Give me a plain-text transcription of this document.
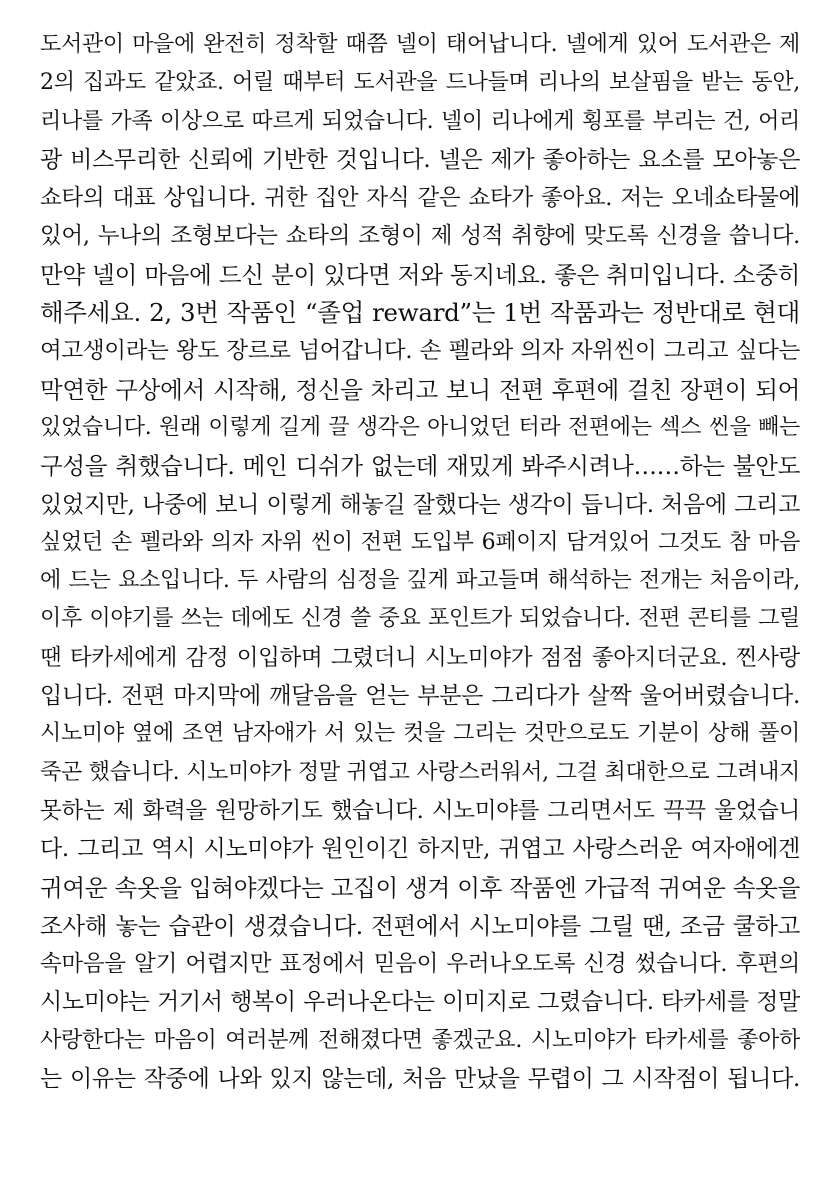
도서관이 마을에 완전히 정착할 때쯤 넬이 태어납니다. 넬에게 있어 도서관은 제
2의 집과도 같았죠. 어릴 때부터 도서관을 드나들며 리나의 보살핌을 받는 동안,
리나를 가족 이상으로 따르게 되었습니다. 넬이 리나에게 횡포를 부리는 건, 어리
광 비스무리한 신뢰에 기반한 것입니다. 넬은 제가 좋아하는 요소를 모아놓은
쇼타의 대표 상입니다. 귀한 집안 자식 같은 쇼타가 좋아요. 저는 오네쇼타물에
있어, 누나의 조형보다는 쇼타의 조형이 제 성적 취향에 맞도록 신경을 씁니다.
만약 넬이 마음에 드신 분이 있다면 저와 동지네요. 좋은 취미입니다. 소중히
해주세요. 2, 3번 작품인 “졸업 reward”는 1번 작품과는 정반대로 현대
여고생이라는 왕도 장르로 넘어갑니다. 손 펠라와 의자 자위씬이 그리고 싶다는
막연한 구상에서 시작해, 정신을 차리고 보니 전편 후편에 걸친 장편이 되어
있었습니다. 원래 이렇게 길게 끌 생각은 아니었던 터라 전편에는 섹스 씬을 빼는
구성을 취했습니다. 메인 디쉬가 없는데 재밌게 봐주시려나……하는 불안도
있었지만, 나중에 보니 이렇게 해놓길 잘했다는 생각이 듭니다. 처음에 그리고
싶었던 손 펠라와 의자 자위 씬이 전편 도입부 6페이지 담겨있어 그것도 참 마음
에 드는 요소입니다. 두 사람의 심정을 깊게 파고들며 해석하는 전개는 처음이라,
이후 이야기를 쓰는 데에도 신경 쓸 중요 포인트가 되었습니다. 전편 콘티를 그릴
땐 타카세에게 감정 이입하며 그렸더니 시노미야가 점점 좋아지더군요. 찐사랑
입니다. 전편 마지막에 깨달음을 얻는 부분은 그리다가 살짝 울어버렸습니다.
시노미야 옆에 조연 남자애가 서 있는 컷을 그리는 것만으로도 기분이 상해 풀이
죽곤 했습니다. 시노미야가 정말 귀엽고 사랑스러워서, 그걸 최대한으로 그려내지
못하는 제 화력을 원망하기도 했습니다. 시노미야를 그리면서도 끅끅 울었습니
다. 그리고 역시 시노미야가 원인이긴 하지만, 귀엽고 사랑스러운 여자애에겐
귀여운 속옷을 입혀야겠다는 고집이 생겨 이후 작품엔 가급적 귀여운 속옷을
조사해 놓는 습관이 생겼습니다. 전편에서 시노미야를 그릴 땐, 조금 쿨하고
속마음을 알기 어렵지만 표정에서 믿음이 우러나오도록 신경 썼습니다. 후편의
시노미야는 거기서 행복이 우러나온다는 이미지로 그렸습니다. 타카세를 정말
사랑한다는 마음이 여러분께 전해졌다면 좋겠군요. 시노미야가 타카세를 좋아하
는 이유는 작중에 나와 있지 않는데, 처음 만났을 무렵이 그 시작점이 됩니다.
